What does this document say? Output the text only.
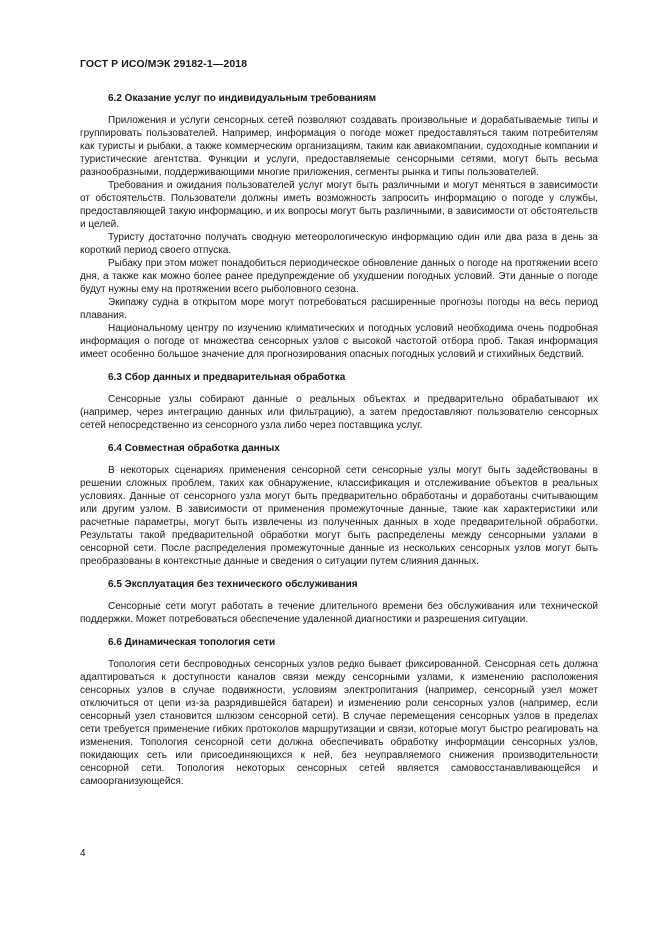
ГОСТ Р ИСО/МЭК 29182-1—2018

6.2 Оказание услуг по индивидуальным требованиям

Приложения и услуги сенсорных сетей позволяют создавать произвольные и дорабатываемые типы и группировать пользователей. Например, информация о погоде может предоставляться таким потребителям как туристы и рыбаки, а также коммерческим организациям, таким как авиакомпании, судоходные компании и туристические агентства. Функции и услуги, предоставляемые сенсорными сетями, могут быть весьма разнообразными, поддерживающими многие приложения, сегменты рынка и типы пользователей.

Требования и ожидания пользователей услуг могут быть различными и могут меняться в зависимости от обстоятельств. Пользователи должны иметь возможность запросить информацию о погоде у службы, предоставляющей такую информацию, и их вопросы могут быть различными, в зависимости от обстоятельств и целей.

Туристу достаточно получать сводную метеорологическую информацию один или два раза в день за короткий период своего отпуска.

Рыбаку при этом может понадобиться периодическое обновление данных о погоде на протяжении всего дня, а также как можно более ранее предупреждение об ухудшении погодных условий. Эти данные о погоде будут нужны ему на протяжении всего рыболовного сезона.

Экипажу судна в открытом море могут потребоваться расширенные прогнозы погоды на весь период плавания.

Национальному центру по изучению климатических и погодных условий необходима очень подробная информация о погоде от множества сенсорных узлов с высокой частотой отбора проб. Такая информация имеет особенно большое значение для прогнозирования опасных погодных условий и стихийных бедствий.

6.3 Сбор данных и предварительная обработка

Сенсорные узлы собирают данные о реальных объектах и предварительно обрабатывают их (например, через интеграцию данных или фильтрацию), а затем предоставляют пользователю сенсорных сетей непосредственно из сенсорного узла либо через поставщика услуг.

6.4 Совместная обработка данных

В некоторых сценариях применения сенсорной сети сенсорные узлы могут быть задействованы в решении сложных проблем, таких как обнаружение, классификация и отслеживание объектов в реальных условиях. Данные от сенсорного узла могут быть предварительно обработаны и доработаны считывающим или другим узлом. В зависимости от применения промежуточные данные, такие как характеристики или расчетные параметры, могут быть извлечены из полученных данных в ходе предварительной обработки. Результаты такой предварительной обработки могут быть распределены между сенсорными узлами в сенсорной сети. После распределения промежуточные данные из нескольких сенсорных узлов могут быть преобразованы в контекстные данные и сведения о ситуации путем слияния данных.

6.5 Эксплуатация без технического обслуживания

Сенсорные сети могут работать в течение длительного времени без обслуживания или технической поддержки. Может потребоваться обеспечение удаленной диагностики и разрешения ситуации.

6.6 Динамическая топология сети

Топология сети беспроводных сенсорных узлов редко бывает фиксированной. Сенсорная сеть должна адаптироваться к доступности каналов связи между сенсорными узлами, к изменению расположения сенсорных узлов в случае подвижности, условиям электропитания (например, сенсорный узел может отключиться от цепи из-за разрядившейся батареи) и изменению роли сенсорных узлов (например, если сенсорный узел становится шлюзом сенсорной сети). В случае перемещения сенсорных узлов в пределах сети требуется применение гибких протоколов маршрутизации и связи, которые могут быстро реагировать на изменения. Топология сенсорной сети должна обеспечивать обработку информации сенсорных узлов, покидающих сеть или присоединяющихся к ней, без неуправляемого снижения производительности сенсорной сети. Топология некоторых сенсорных сетей является самовосстанавливающейся и самоорганизующейся.

4
